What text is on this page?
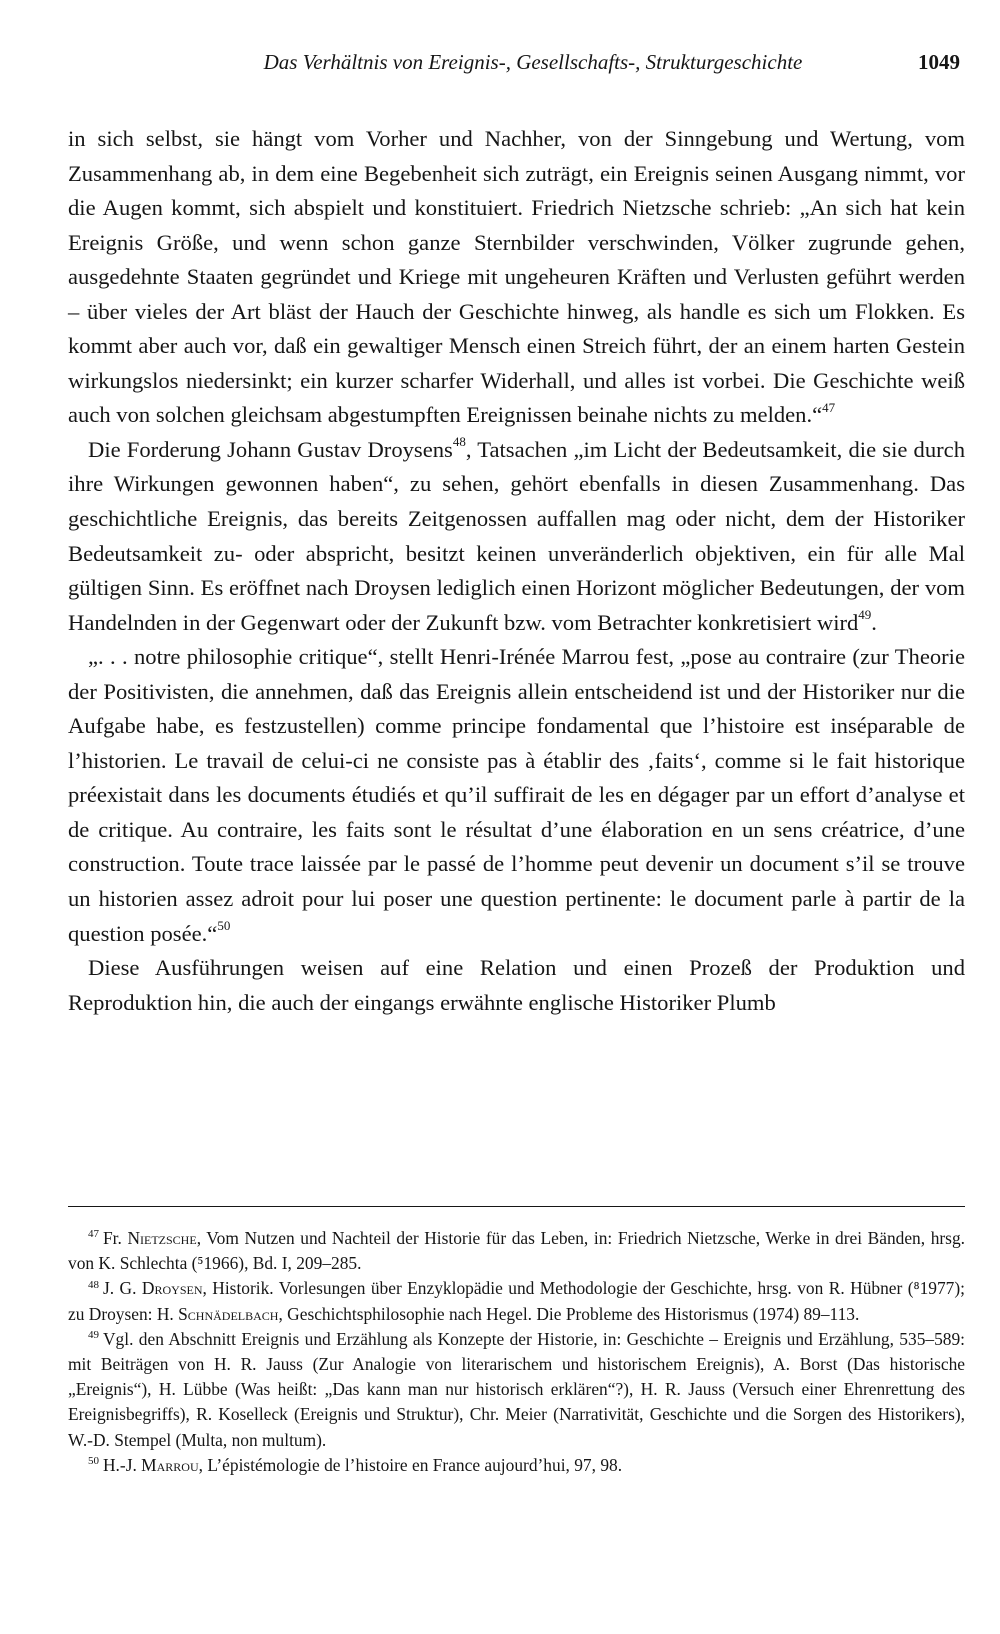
Das Verhältnis von Ereignis-, Gesellschafts-, Strukturgeschichte	1049

in sich selbst, sie hängt vom Vorher und Nachher, von der Sinngebung und Wertung, vom Zusammenhang ab, in dem eine Begebenheit sich zuträgt, ein Ereignis seinen Ausgang nimmt, vor die Augen kommt, sich abspielt und konstituiert. Friedrich Nietzsche schrieb: „An sich hat kein Ereignis Größe, und wenn schon ganze Sternbilder verschwinden, Völker zugrunde gehen, ausgedehnte Staaten gegründet und Kriege mit ungeheuren Kräften und Verlusten geführt werden – über vieles der Art bläst der Hauch der Geschichte hinweg, als handle es sich um Flokken. Es kommt aber auch vor, daß ein gewaltiger Mensch einen Streich führt, der an einem harten Gestein wirkungslos niedersinkt; ein kurzer scharfer Widerhall, und alles ist vorbei. Die Geschichte weiß auch von solchen gleichsam abgestumpften Ereignissen beinahe nichts zu melden.“$^{47}$

Die Forderung Johann Gustav Droysens$^{48}$, Tatsachen „im Licht der Bedeutsamkeit, die sie durch ihre Wirkungen gewonnen haben“, zu sehen, gehört ebenfalls in diesen Zusammenhang. Das geschichtliche Ereignis, das bereits Zeitgenossen auffallen mag oder nicht, dem der Historiker Bedeutsamkeit zu- oder abspricht, besitzt keinen unveränderlich objektiven, ein für alle Mal gültigen Sinn. Es eröffnet nach Droysen lediglich einen Horizont möglicher Bedeutungen, der vom Handelnden in der Gegenwart oder der Zukunft bzw. vom Betrachter konkretisiert wird$^{49}$.

„. . . notre philosophie critique“, stellt Henri-Irénée Marrou fest, „pose au contraire (zur Theorie der Positivisten, die annehmen, daß das Ereignis allein entscheidend ist und der Historiker nur die Aufgabe habe, es festzustellen) comme principe fondamental que l’histoire est inséparable de l’historien. Le travail de celui-ci ne consiste pas à établir des ‚faits‘, comme si le fait historique préexistait dans les documents étudiés et qu’il suffirait de les en dégager par un effort d’analyse et de critique. Au contraire, les faits sont le résultat d’une élaboration en un sens créatrice, d’une construction. Toute trace laissée par le passé de l’homme peut devenir un document s’il se trouve un historien assez adroit pour lui poser une question pertinente: le document parle à partir de la question posée.“$^{50}$

Diese Ausführungen weisen auf eine Relation und einen Prozeß der Produktion und Reproduktion hin, die auch der eingangs erwähnte englische Historiker Plumb

$^{47}$ Fr. Nietzsche, Vom Nutzen und Nachteil der Historie für das Leben, in: Friedrich Nietzsche, Werke in drei Bänden, hrsg. von K. Schlechta (⁵1966), Bd. I, 209–285.

$^{48}$ J. G. Droysen, Historik. Vorlesungen über Enzyklopädie und Methodologie der Geschichte, hrsg. von R. Hübner (⁸1977); zu Droysen: H. Schnädelbach, Geschichtsphilosophie nach Hegel. Die Probleme des Historismus (1974) 89–113.

$^{49}$ Vgl. den Abschnitt Ereignis und Erzählung als Konzepte der Historie, in: Geschichte – Ereignis und Erzählung, 535–589: mit Beiträgen von H. R. Jauss (Zur Analogie von literarischem und historischem Ereignis), A. Borst (Das historische „Ereignis“), H. Lübbe (Was heißt: „Das kann man nur historisch erklären“?), H. R. Jauss (Versuch einer Ehrenrettung des Ereignisbegriffs), R. Koselleck (Ereignis und Struktur), Chr. Meier (Narrativität, Geschichte und die Sorgen des Historikers), W.-D. Stempel (Multa, non multum).

$^{50}$ H.-J. Marrou, L’épistémologie de l’histoire en France aujourd’hui, 97, 98.
